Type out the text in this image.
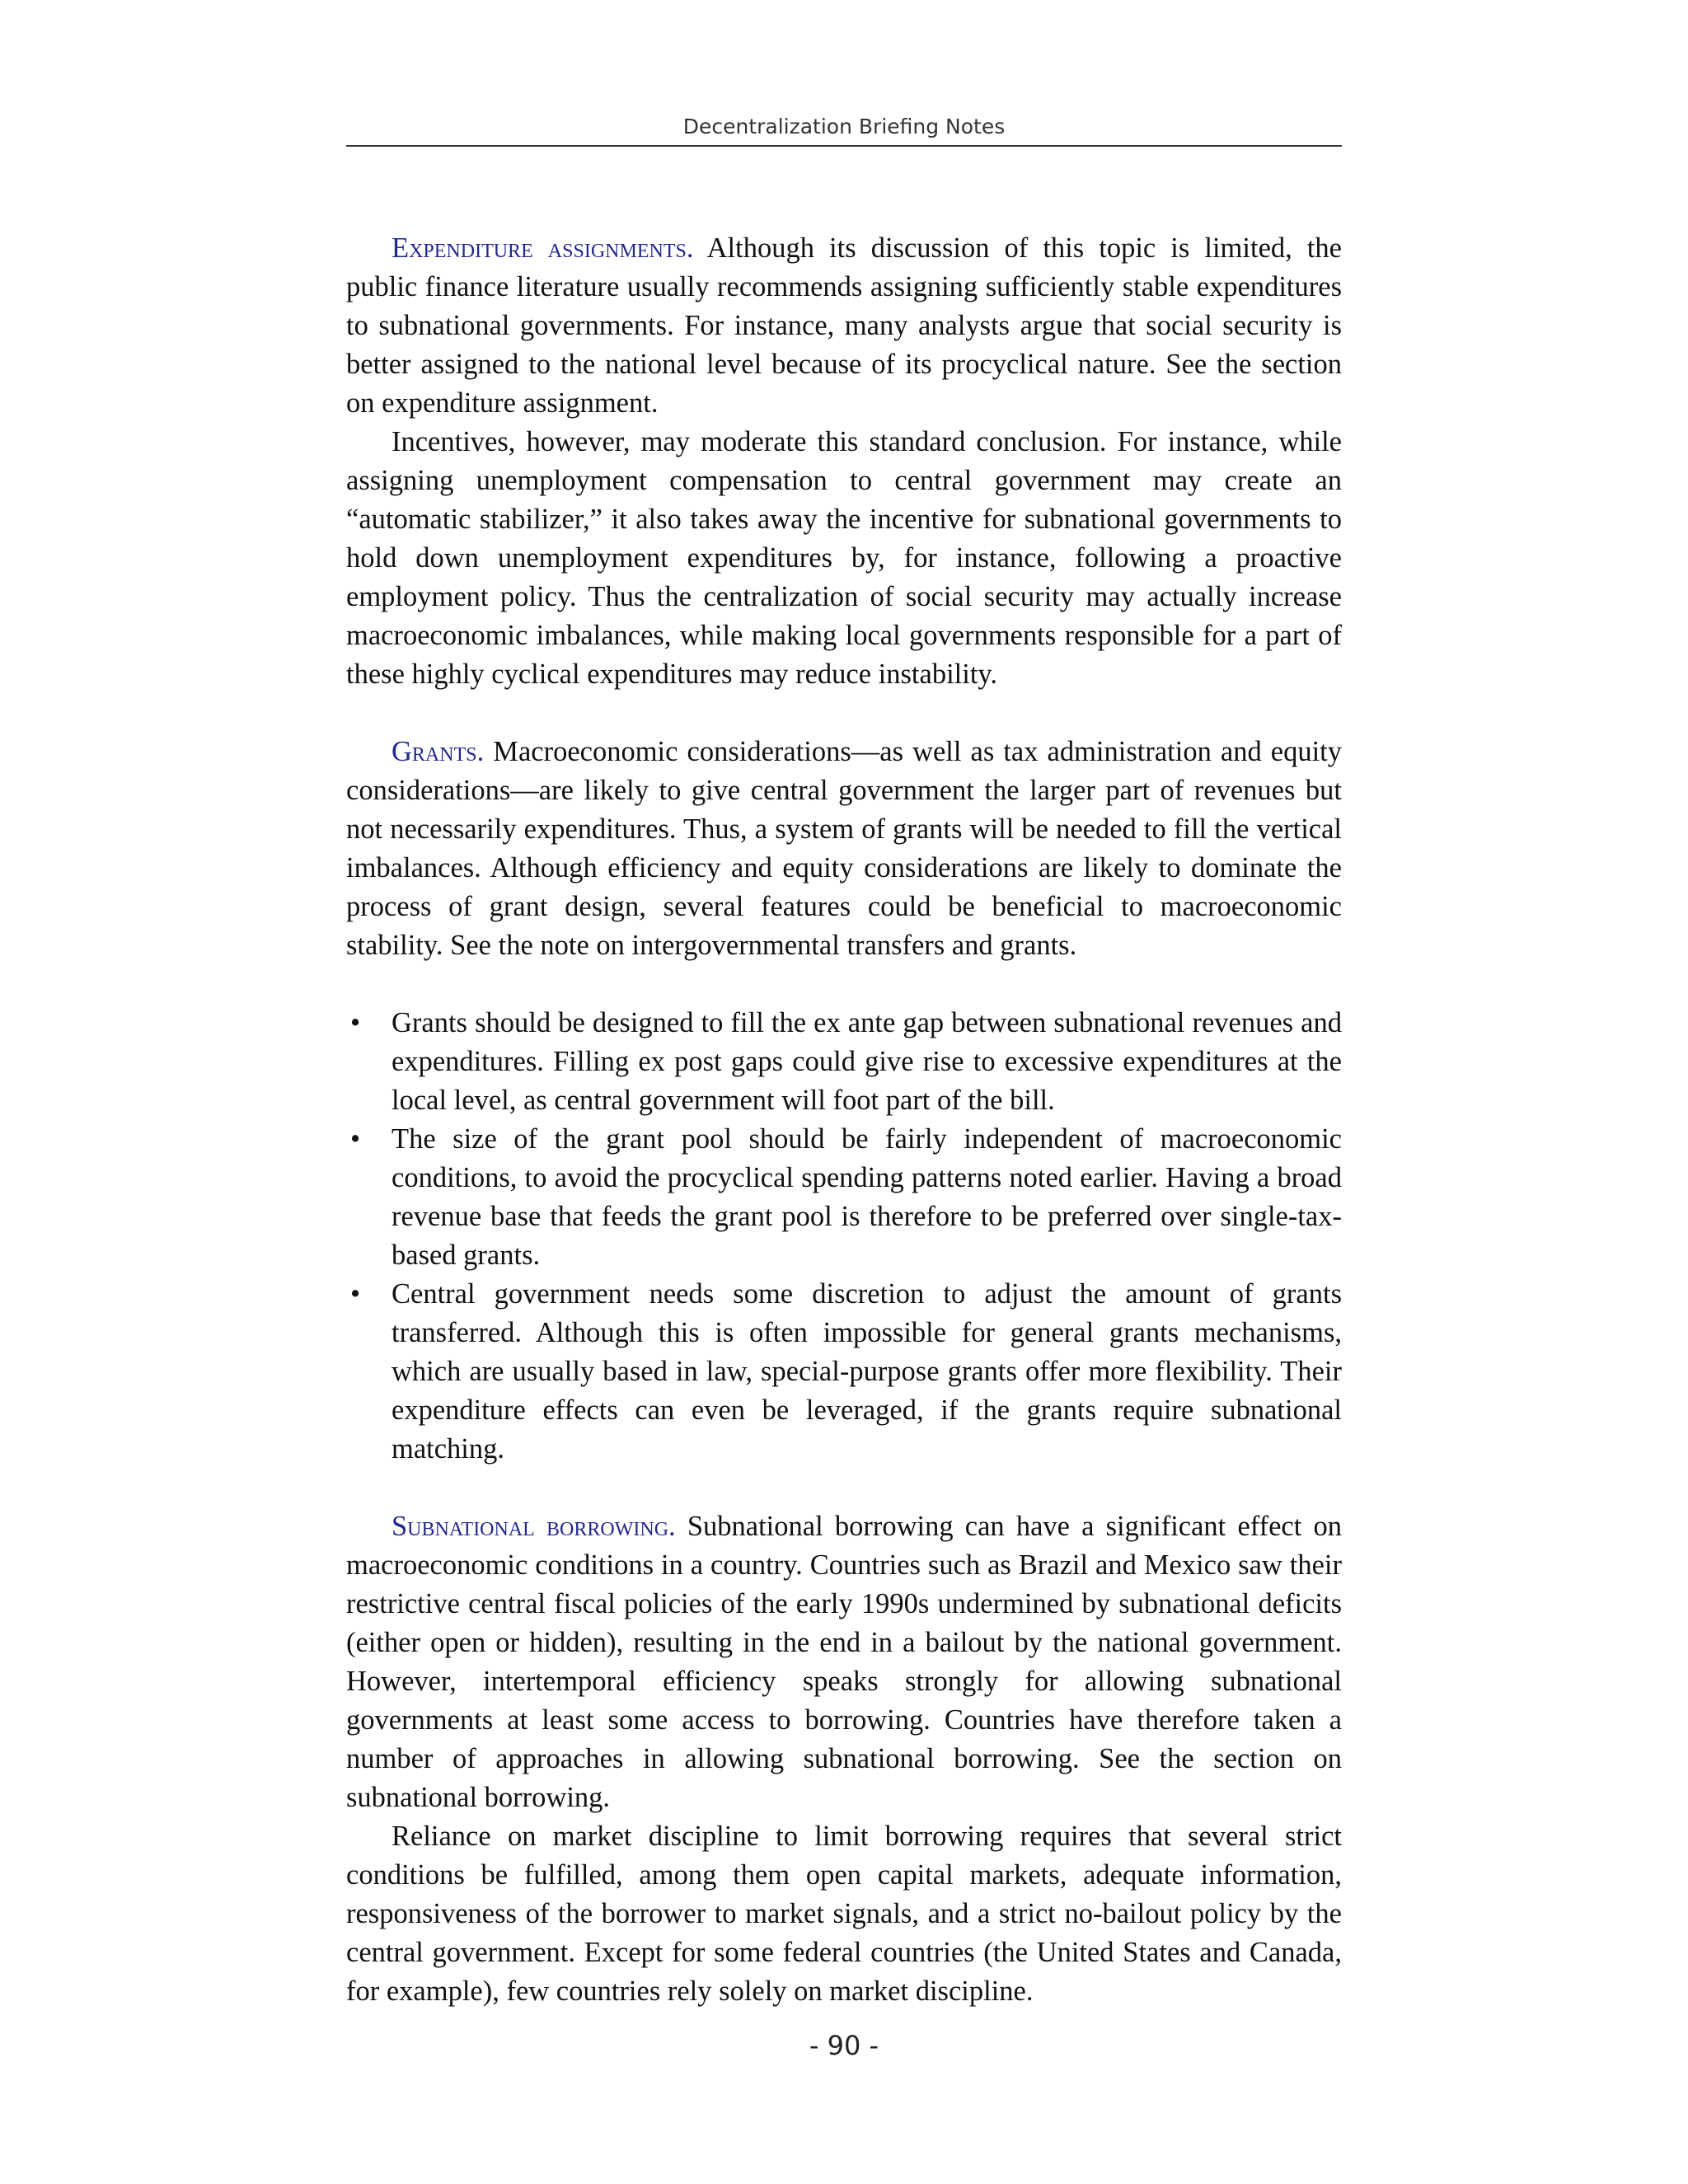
Decentralization Briefing Notes

Expenditure assignments. Although its discussion of this topic is limited, the public finance literature usually recommends assigning sufficiently stable expenditures to subnational governments. For instance, many analysts argue that social security is better assigned to the national level because of its procyclical nature. See the section on expenditure assignment.

Incentives, however, may moderate this standard conclusion. For instance, while assigning unemployment compensation to central government may create an “automatic stabilizer,” it also takes away the incentive for subnational governments to hold down unemployment expenditures by, for instance, following a proactive employment policy. Thus the centralization of social security may actually increase macroeconomic imbalances, while making local governments responsible for a part of these highly cyclical expenditures may reduce instability.

Grants. Macroeconomic considerations—as well as tax administration and equity considerations—are likely to give central government the larger part of revenues but not necessarily expenditures. Thus, a system of grants will be needed to fill the vertical imbalances. Although efficiency and equity considerations are likely to dominate the process of grant design, several features could be beneficial to macroeconomic stability. See the note on intergovernmental transfers and grants.

• Grants should be designed to fill the ex ante gap between subnational revenues and expenditures. Filling ex post gaps could give rise to excessive expenditures at the local level, as central government will foot part of the bill.
• The size of the grant pool should be fairly independent of macroeconomic conditions, to avoid the procyclical spending patterns noted earlier. Having a broad revenue base that feeds the grant pool is therefore to be preferred over single-tax-based grants.
• Central government needs some discretion to adjust the amount of grants transferred. Although this is often impossible for general grants mechanisms, which are usually based in law, special-purpose grants offer more flexibility. Their expenditure effects can even be leveraged, if the grants require subnational matching.

Subnational borrowing. Subnational borrowing can have a significant effect on macroeconomic conditions in a country. Countries such as Brazil and Mexico saw their restrictive central fiscal policies of the early 1990s undermined by subnational deficits (either open or hidden), resulting in the end in a bailout by the national government. However, intertemporal efficiency speaks strongly for allowing subnational governments at least some access to borrowing. Countries have therefore taken a number of approaches in allowing subnational borrowing. See the section on subnational borrowing.

Reliance on market discipline to limit borrowing requires that several strict conditions be fulfilled, among them open capital markets, adequate information, responsiveness of the borrower to market signals, and a strict no-bailout policy by the central government. Except for some federal countries (the United States and Canada, for example), few countries rely solely on market discipline.

- 90 -
